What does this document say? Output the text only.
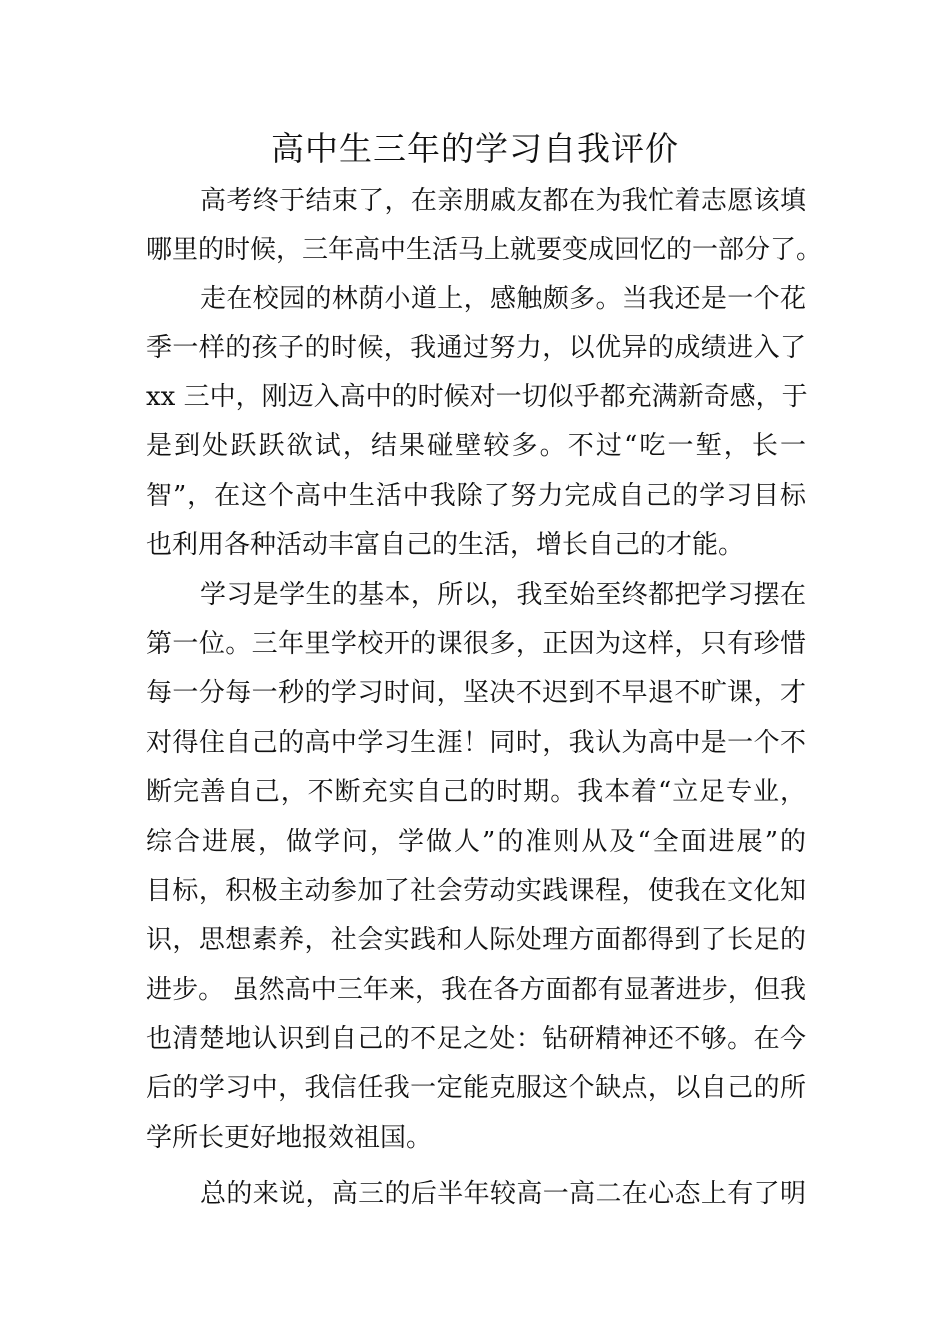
高中生三年的学习自我评价
高考终于结束了，在亲朋戚友都在为我忙着志愿该填
哪里的时候，三年高中生活马上就要变成回忆的一部分了。
走在校园的林荫小道上，感触颇多。当我还是一个花
季一样的孩子的时候，我通过努力，以优异的成绩进入了
xx 三中，刚迈入高中的时候对一切似乎都充满新奇感，于
是到处跃跃欲试，结果碰壁较多。不过“吃一堑，长一
智”，在这个高中生活中我除了努力完成自己的学习目标
也利用各种活动丰富自己的生活，增长自己的才能。
学习是学生的基本，所以，我至始至终都把学习摆在
第一位。三年里学校开的课很多，正因为这样，只有珍惜
每一分每一秒的学习时间，坚决不迟到不早退不旷课，才
对得住自己的高中学习生涯！同时，我认为高中是一个不
断完善自己，不断充实自己的时期。我本着“立足专业，
综合进展，做学问，学做人”的准则从及“全面进展”的
目标，积极主动参加了社会劳动实践课程，使我在文化知
识，思想素养，社会实践和人际处理方面都得到了长足的
进步。 虽然高中三年来，我在各方面都有显著进步，但我
也清楚地认识到自己的不足之处：钻研精神还不够。在今
后的学习中，我信任我一定能克服这个缺点，以自己的所
学所长更好地报效祖国。
总的来说，高三的后半年较高一高二在心态上有了明
